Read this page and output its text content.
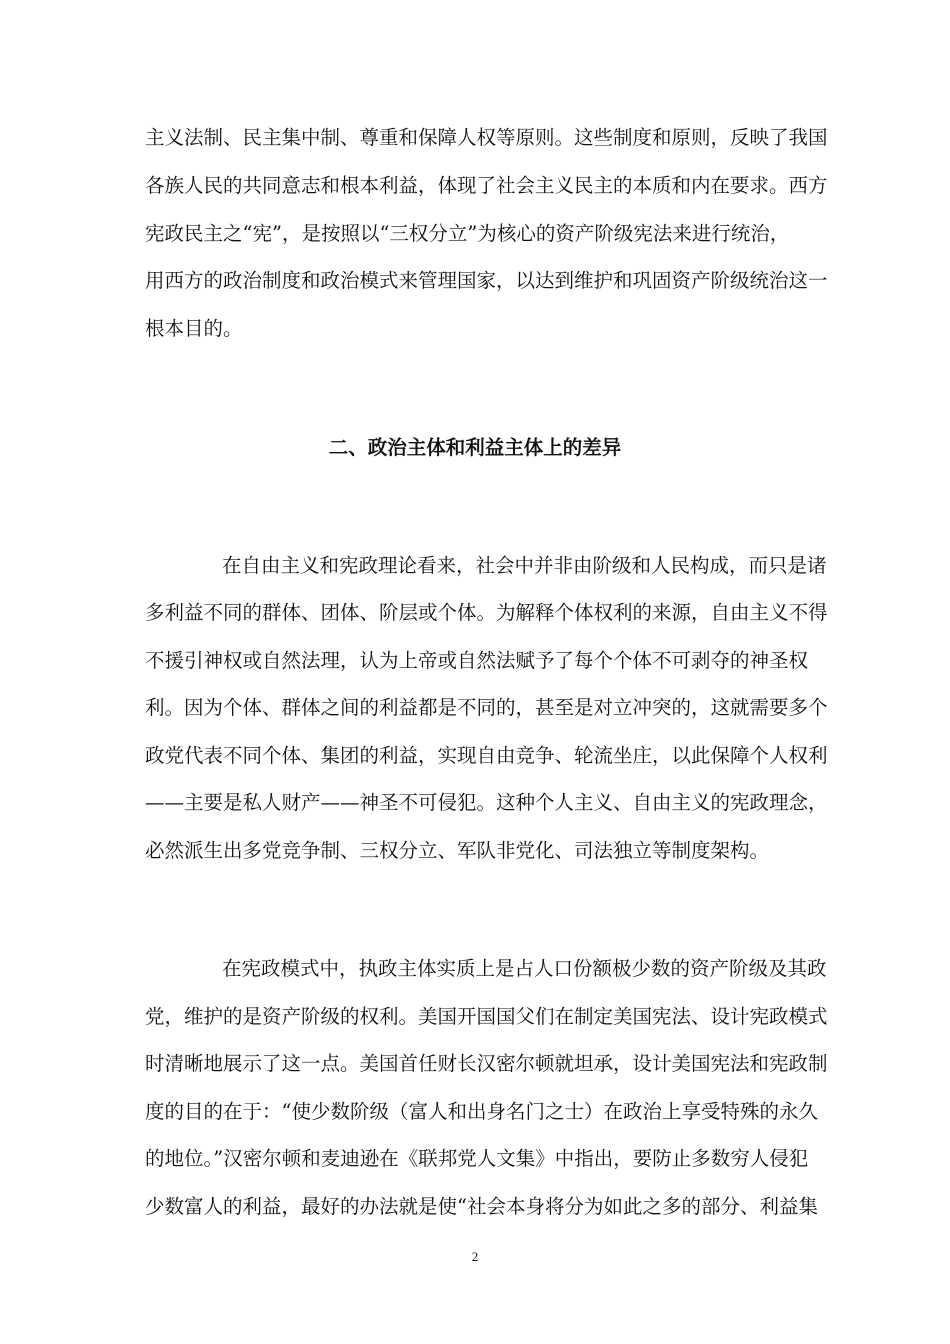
主义法制、民主集中制、尊重和保障人权等原则。这些制度和原则，反映了我国
各族人民的共同意志和根本利益，体现了社会主义民主的本质和内在要求。西方
宪政民主之“宪”，是按照以“三权分立”为核心的资产阶级宪法来进行统治，
用西方的政治制度和政治模式来管理国家，以达到维护和巩固资产阶级统治这一
根本目的。
二、政治主体和利益主体上的差异
在自由主义和宪政理论看来，社会中并非由阶级和人民构成，而只是诸
多利益不同的群体、团体、阶层或个体。为解释个体权利的来源，自由主义不得
不援引神权或自然法理，认为上帝或自然法赋予了每个个体不可剥夺的神圣权
利。因为个体、群体之间的利益都是不同的，甚至是对立冲突的，这就需要多个
政党代表不同个体、集团的利益，实现自由竞争、轮流坐庄，以此保障个人权利
——主要是私人财产——神圣不可侵犯。这种个人主义、自由主义的宪政理念，
必然派生出多党竞争制、三权分立、军队非党化、司法独立等制度架构。
在宪政模式中，执政主体实质上是占人口份额极少数的资产阶级及其政
党，维护的是资产阶级的权利。美国开国国父们在制定美国宪法、设计宪政模式
时清晰地展示了这一点。美国首任财长汉密尔顿就坦承，设计美国宪法和宪政制
度的目的在于：“使少数阶级（富人和出身名门之士）在政治上享受特殊的永久
的地位。”汉密尔顿和麦迪逊在《联邦党人文集》中指出，要防止多数穷人侵犯
少数富人的利益，最好的办法就是使“社会本身将分为如此之多的部分、利益集
2
